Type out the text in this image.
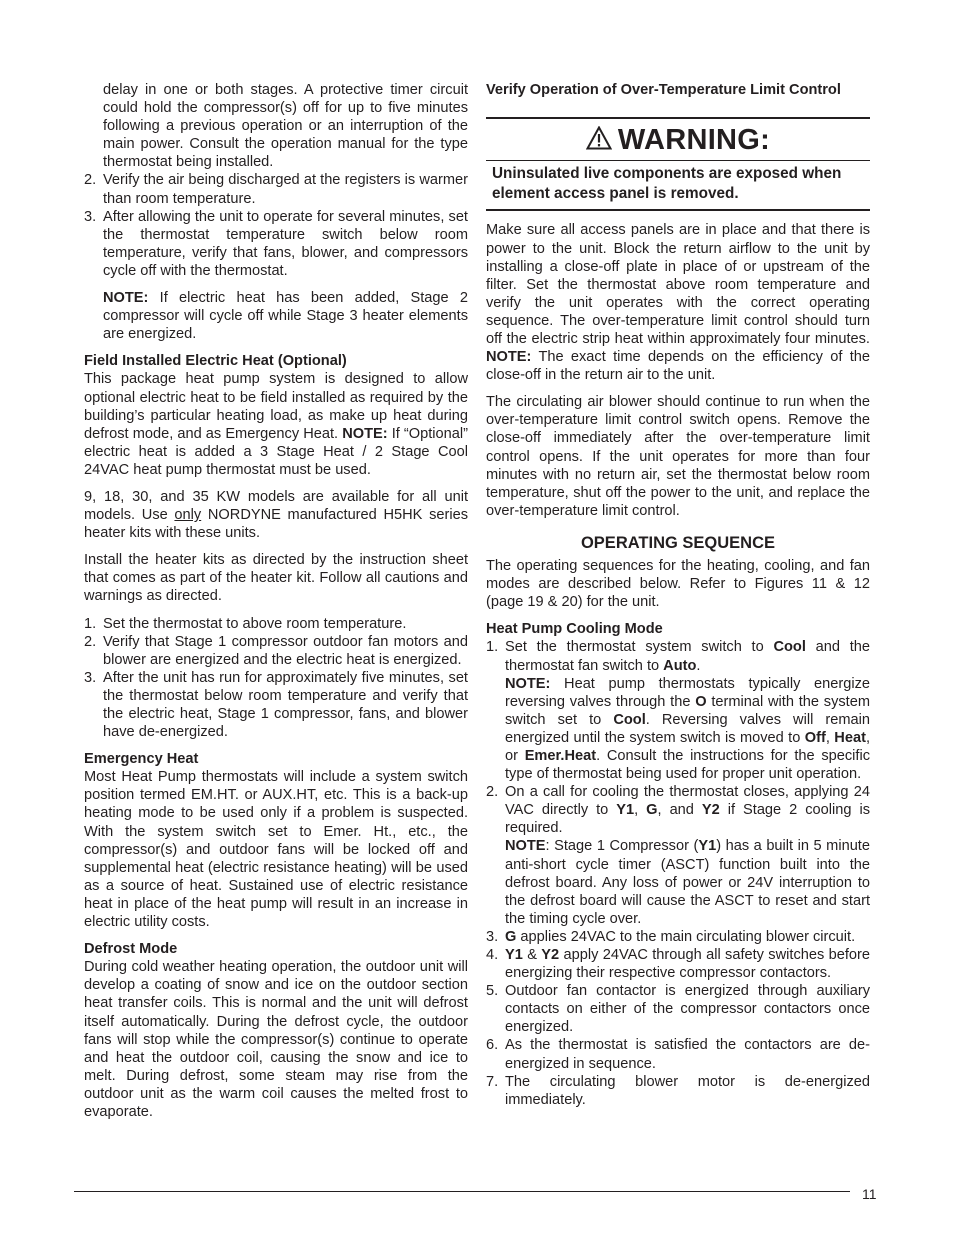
delay in one or both stages. A protective timer circuit could hold the compressor(s) off for up to five minutes following a previous operation or an interruption of the main power. Consult the operation manual for the type thermostat being installed.

2. Verify the air being discharged at the registers is warmer than room temperature.
3. After allowing the unit to operate for several minutes, set the thermostat temperature switch below room temperature, verify that fans, blower, and compressors cycle off with the thermostat.

NOTE: If electric heat has been added, Stage 2 compressor will cycle off while Stage 3 heater elements are energized.

Field Installed Electric Heat (Optional)

This package heat pump system is designed to allow optional electric heat to be field installed as required by the building’s particular heating load, as make up heat during defrost mode, and as Emergency Heat. NOTE: If “Optional” electric heat is added a 3 Stage Heat / 2 Stage Cool 24VAC heat pump thermostat must be used.

9, 18, 30, and 35 KW models are available for all unit models. Use only NORDYNE manufactured H5HK series heater kits with these units.

Install the heater kits as directed by the instruction sheet that comes as part of the heater kit. Follow all cautions and warnings as directed.

1. Set the thermostat to above room temperature.
2. Verify that Stage 1 compressor outdoor fan motors and blower are energized and the electric heat is energized.
3. After the unit has run for approximately five minutes, set the thermostat below room temperature and verify that the electric heat, Stage 1 compressor, fans, and blower have de-energized.

Emergency Heat

Most Heat Pump thermostats will include a system switch position termed EM.HT. or AUX.HT, etc. This is a back-up heating mode to be used only if a problem is suspected. With the system switch set to Emer. Ht., etc., the compressor(s) and outdoor fans will be locked off and supplemental heat (electric resistance heating) will be used as a source of heat. Sustained use of electric resistance heat in place of the heat pump will result in an increase in electric utility costs.

Defrost Mode

During cold weather heating operation, the outdoor unit will develop a coating of snow and ice on the outdoor section heat transfer coils. This is normal and the unit will defrost itself automatically. During the defrost cycle, the outdoor fans will stop while the compressor(s) continue to operate and heat the outdoor coil, causing the snow and ice to melt. During defrost, some steam may rise from the outdoor unit as the warm coil causes the melted frost to evaporate.

Verify Operation of Over-Temperature Limit Control

WARNING:
Uninsulated live components are exposed when element access panel is removed.

Make sure all access panels are in place and that there is power to the unit. Block the return airflow to the unit by installing a close-off plate in place of or upstream of the filter. Set the thermostat above room temperature and verify the unit operates with the correct operating sequence. The over-temperature limit control should turn off the electric strip heat within approximately four minutes. NOTE: The exact time depends on the efficiency of the close-off in the return air to the unit.

The circulating air blower should continue to run when the over-temperature limit control switch opens. Remove the close-off immediately after the over-temperature limit control opens. If the unit operates for more than four minutes with no return air, set the thermostat below room temperature, shut off the power to the unit, and replace the over-temperature limit control.

OPERATING SEQUENCE

The operating sequences for the heating, cooling, and fan modes are described below. Refer to Figures 11 & 12 (page 19 & 20) for the unit.

Heat Pump Cooling Mode

1. Set the thermostat system switch to Cool and the thermostat fan switch to Auto.
NOTE: Heat pump thermostats typically energize reversing valves through the O terminal with the system switch set to Cool. Reversing valves will remain energized until the system switch is moved to Off, Heat, or Emer.Heat. Consult the instructions for the specific type of thermostat being used for proper unit operation.
2. On a call for cooling the thermostat closes, applying 24 VAC directly to Y1, G, and Y2 if Stage 2 cooling is required.
NOTE: Stage 1 Compressor (Y1) has a built in 5 minute anti-short cycle timer (ASCT) function built into the defrost board. Any loss of power or 24V interruption to the defrost board will cause the ASCT to reset and start the timing cycle over.
3. G applies 24VAC to the main circulating blower circuit.
4. Y1 & Y2 apply 24VAC through all safety switches before energizing their respective compressor contactors.
5. Outdoor fan contactor is energized through auxiliary contacts on either of the compressor contactors once energized.
6. As the thermostat is satisfied the contactors are de-energized in sequence.
7. The circulating blower motor is de-energized immediately.
11
